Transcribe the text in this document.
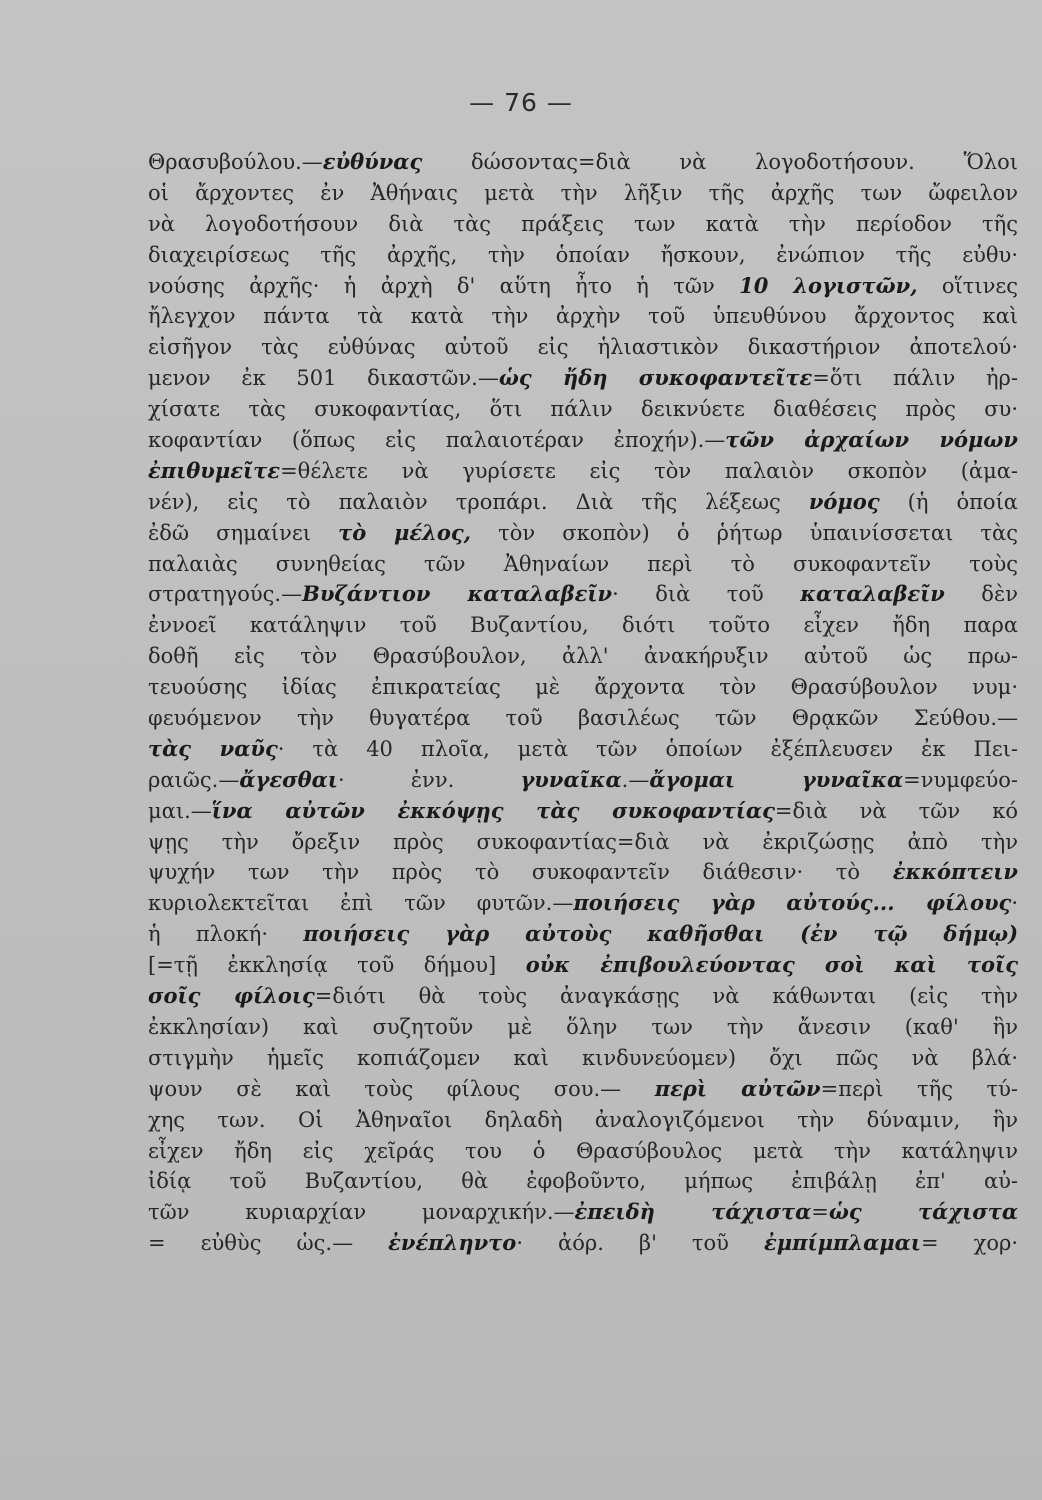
— 76 —
Θρασυβούλου.—εὐθύνας δώσοντας=διὰ νὰ λογοδοτήσουν. Ὅλοι
οἱ ἄρχοντες ἐν Ἀθήναις μετὰ τὴν λῆξιν τῆς ἀρχῆς των ὤφειλον
νὰ λογοδοτήσουν διὰ τὰς πράξεις των κατὰ τὴν περίοδον τῆς
διαχειρίσεως τῆς ἀρχῆς, τὴν ὁποίαν ἤσκουν, ἐνώπιον τῆς εὐθυ·
νούσης ἀρχῆς· ἡ ἀρχὴ δ' αὕτη ἦτο ἡ τῶν 10 λογιστῶν, οἵτινες
ἤλεγχον πάντα τὰ κατὰ τὴν ἀρχὴν τοῦ ὑπευθύνου ἄρχοντος καὶ
εἰσῆγον τὰς εὐθύνας αὐτοῦ εἰς ἡλιαστικὸν δικαστήριον ἀποτελού·
μενον ἐκ 501 δικαστῶν.—ὡς ἤδη συκοφαντεῖτε=ὅτι πάλιν ἠρ-
χίσατε τὰς συκοφαντίας, ὅτι πάλιν δεικνύετε διαθέσεις πρὸς συ·
κοφαντίαν (ὅπως εἰς παλαιοτέραν ἐποχήν).—τῶν ἀρχαίων νόμων
ἐπιθυμεῖτε=θέλετε νὰ γυρίσετε εἰς τὸν παλαιὸν σκοπὸν (ἀμα-
νέν), εἰς τὸ παλαιὸν τροπάρι. Διὰ τῆς λέξεως νόμος (ἡ ὁποία
ἐδῶ σημαίνει τὸ μέλος, τὸν σκοπὸν) ὁ ῥήτωρ ὑπαινίσσεται τὰς
παλαιὰς συνηθείας τῶν Ἀθηναίων περὶ τὸ συκοφαντεῖν τοὺς
στρατηγούς.—Βυζάντιον καταλαβεῖν· διὰ τοῦ καταλαβεῖν δὲν
ἐννοεῖ κατάληψιν τοῦ Βυζαντίου, διότι τοῦτο εἶχεν ἤδη παρα
δοθῆ εἰς τὸν Θρασύβουλον, ἀλλ' ἀνακήρυξιν αὐτοῦ ὡς πρω-
τευούσης ἰδίας ἐπικρατείας μὲ ἄρχοντα τὸν Θρασύβουλον νυμ·
φευόμενον τὴν θυγατέρα τοῦ βασιλέως τῶν Θρᾳκῶν Σεύθου.—
τὰς ναῦς· τὰ 40 πλοῖα, μετὰ τῶν ὁποίων ἐξέπλευσεν ἐκ Πει-
ραιῶς.—ἄγεσθαι· ἐνν. γυναῖκα.—ἄγομαι γυναῖκα=νυμφεύο-
μαι.—ἵνα αὐτῶν ἐκκόψῃς τὰς συκοφαντίας=διὰ νὰ τῶν κό
ψῃς τὴν ὄρεξιν πρὸς συκοφαντίας=διὰ νὰ ἐκριζώσῃς ἀπὸ τὴν
ψυχήν των τὴν πρὸς τὸ συκοφαντεῖν διάθεσιν· τὸ ἐκκόπτειν
κυριολεκτεῖται ἐπὶ τῶν φυτῶν.—ποιήσεις γὰρ αὐτούς... φίλους·
ἡ πλοκή· ποιήσεις γὰρ αὐτοὺς καθῆσθαι (ἐν τῷ δήμῳ)
[=τῇ ἐκκλησίᾳ τοῦ δήμου] οὐκ ἐπιβουλεύοντας σοὶ καὶ τοῖς
σοῖς φίλοις=διότι θὰ τοὺς ἀναγκάσῃς νὰ κάθωνται (εἰς τὴν
ἐκκλησίαν) καὶ συζητοῦν μὲ ὅλην των τὴν ἄνεσιν (καθ' ἣν
στιγμὴν ἡμεῖς κοπιάζομεν καὶ κινδυνεύομεν) ὄχι πῶς νὰ βλά·
ψουν σὲ καὶ τοὺς φίλους σου.— περὶ αὐτῶν=περὶ τῆς τύ-
χης των. Οἱ Ἀθηναῖοι δηλαδὴ ἀναλογιζόμενοι τὴν δύναμιν, ἣν
εἶχεν ἤδη εἰς χεῖράς του ὁ Θρασύβουλος μετὰ τὴν κατάληψιν
ἰδίᾳ τοῦ Βυζαντίου, θὰ ἐφοβοῦντο, μήπως ἐπιβάλῃ ἐπ' αὐ-
τῶν κυριαρχίαν μοναρχικήν.—ἐπειδὴ τάχιστα=ὡς τάχιστα
= εὐθὺς ὡς.— ἐνέπληντο· ἀόρ. β' τοῦ ἐμπίμπλαμαι= χορ·
